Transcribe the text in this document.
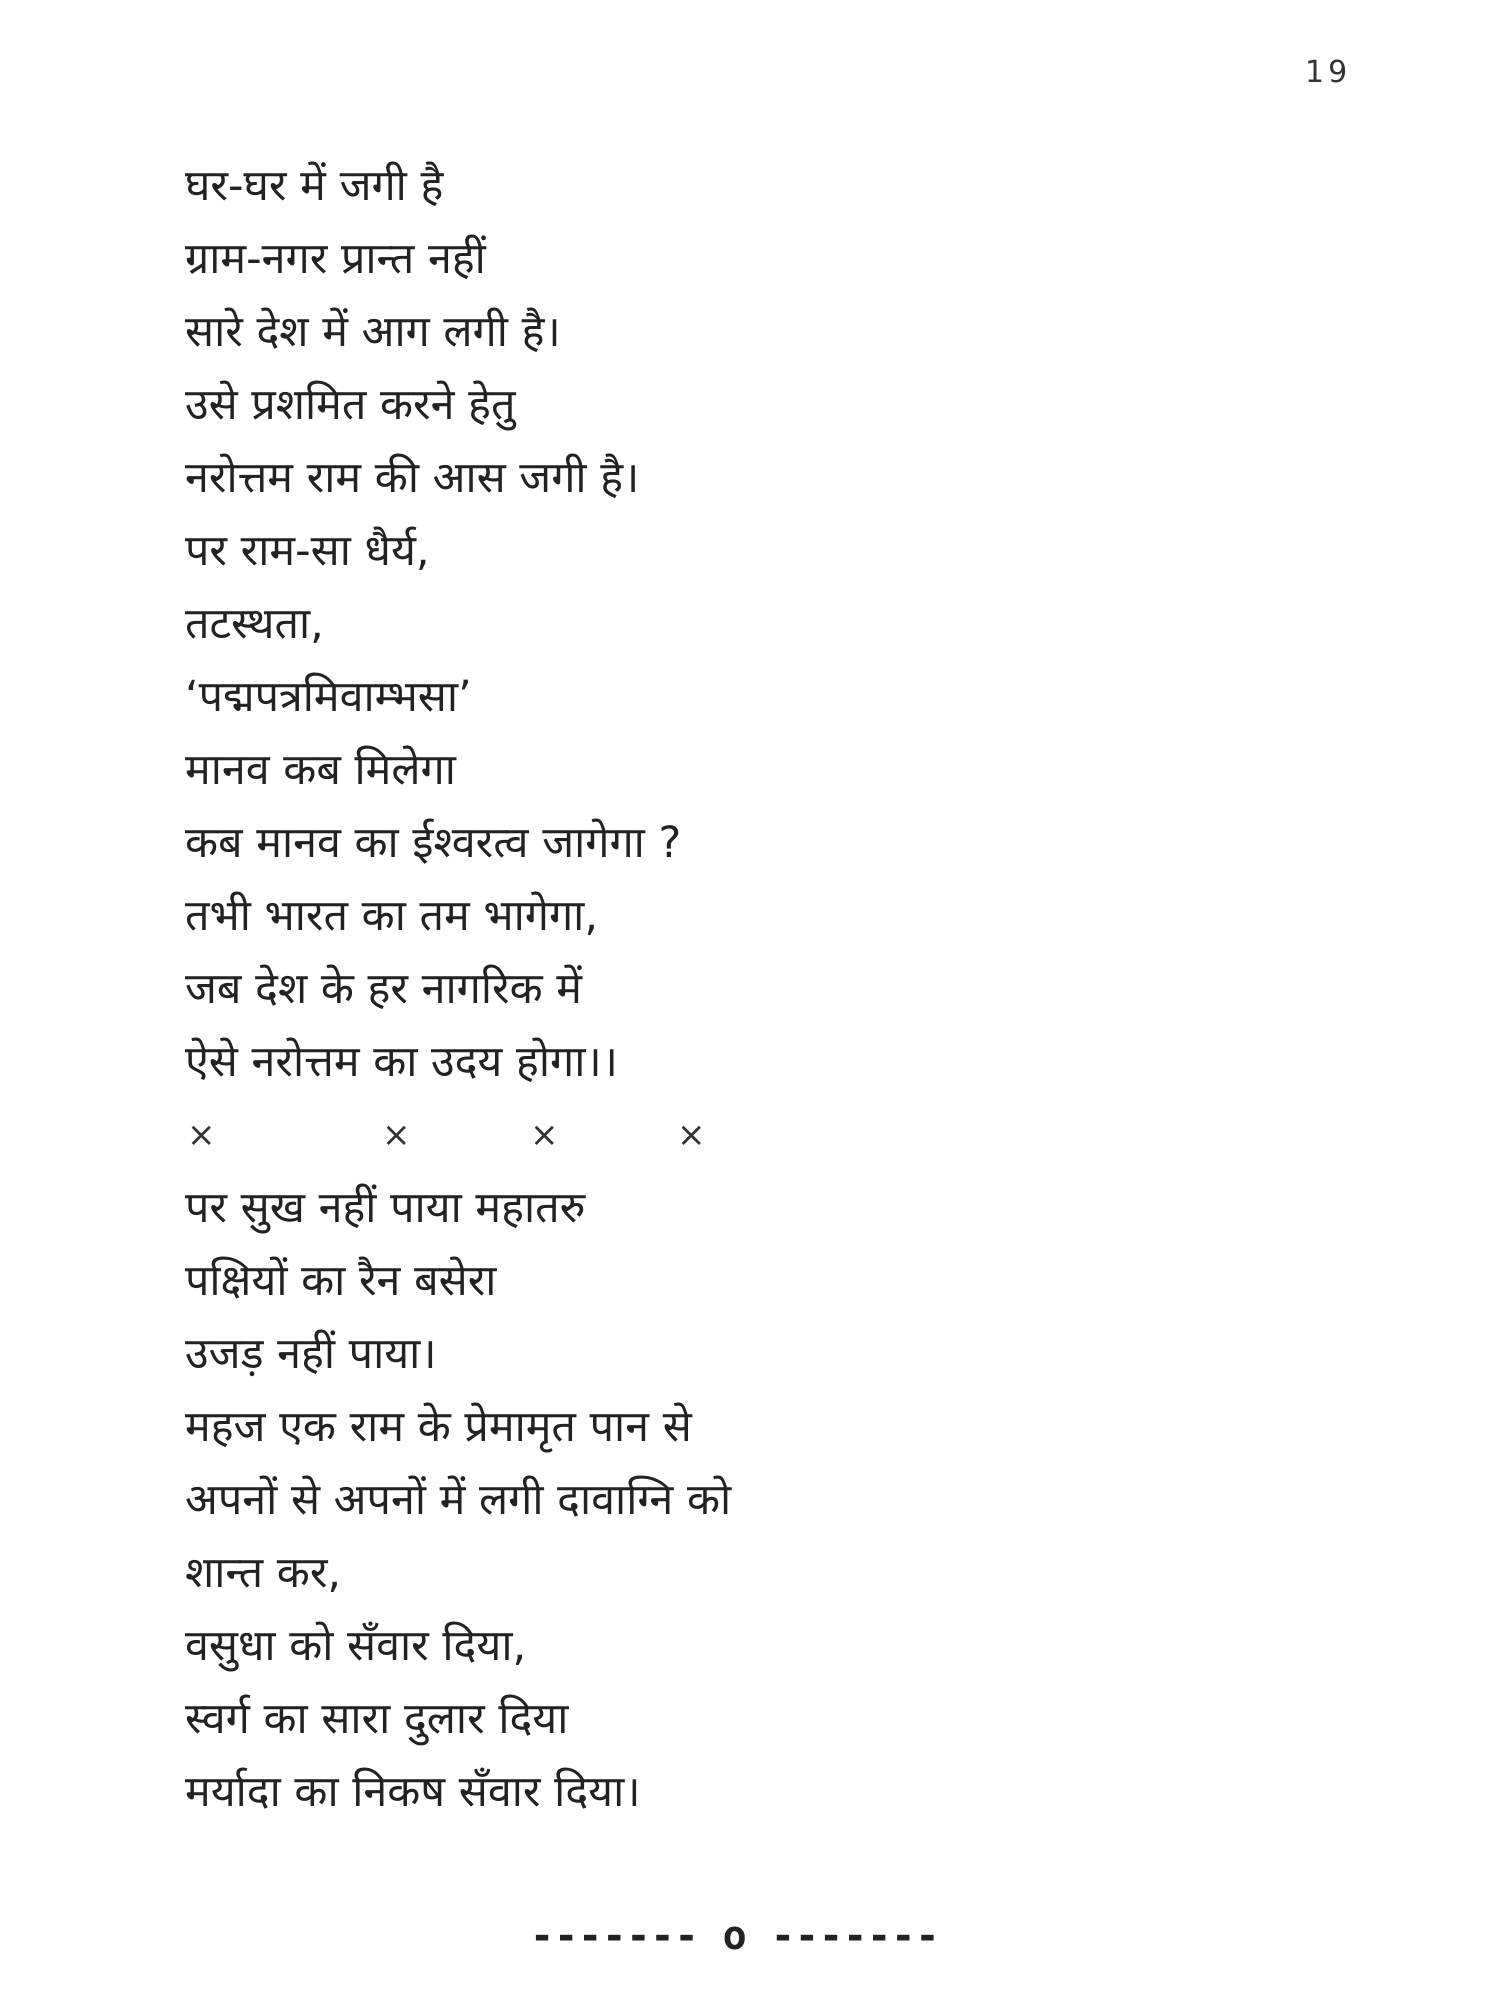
19
घर-घर में जगी है
ग्राम-नगर प्रान्त नहीं
सारे देश में आग लगी है।
उसे प्रशमित करने हेतु
नरोत्तम राम की आस जगी है।
पर राम-सा धैर्य,
तटस्थता,
‘पद्मपत्रमिवाम्भसा’
मानव कब मिलेगा
कब मानव का ईश्वरत्व जागेगा ?
तभी भारत का तम भागेगा,
जब देश के हर नागरिक में
ऐसे नरोत्तम का उदय होगा।।
×	×	×	×
पर सुख नहीं पाया महातरु
पक्षियों का रैन बसेरा
उजड़ नहीं पाया।
महज एक राम के प्रेमामृत पान से
अपनों से अपनों में लगी दावाग्नि को
शान्त कर,
वसुधा को सँवार दिया,
स्वर्ग का सारा दुलार दिया
मर्यादा का निकष सँवार दिया।
------- o -------
